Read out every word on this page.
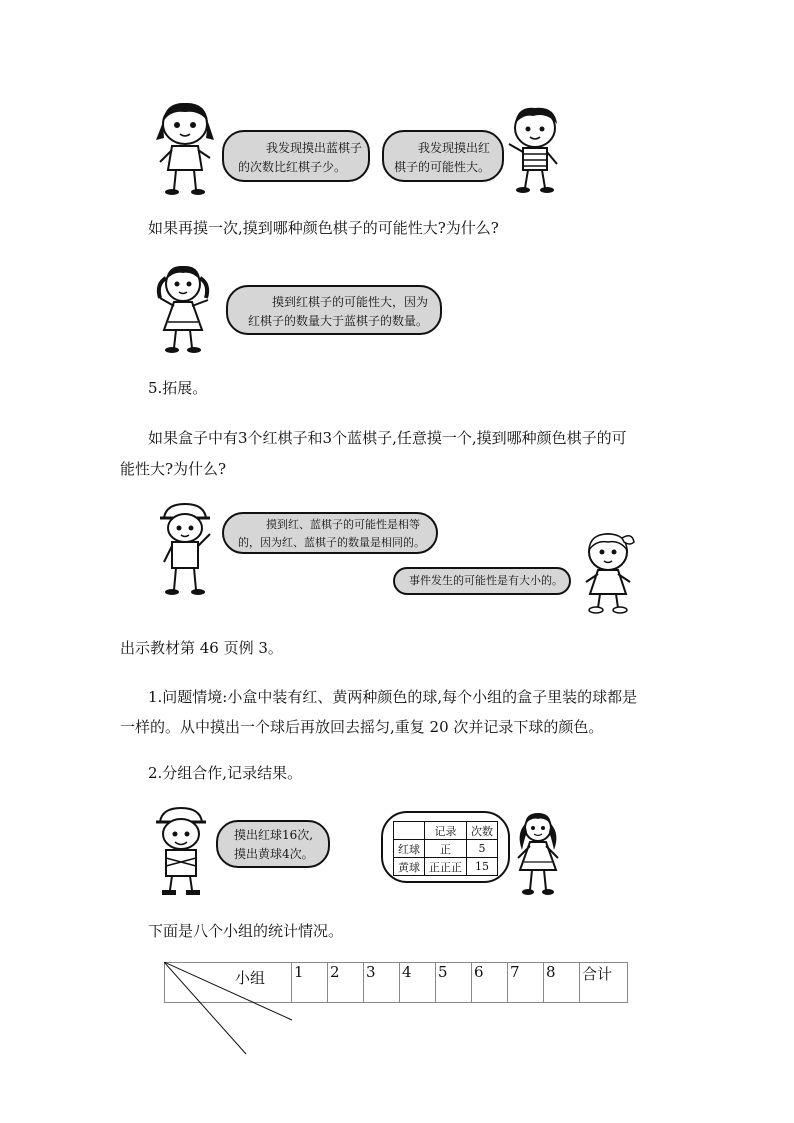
我发现摸出蓝棋子
的次数比红棋子少。
我发现摸出红
棋子的可能性大。
如果再摸一次,摸到哪种颜色棋子的可能性大?为什么?
摸到红棋子的可能性大，因为
红棋子的数量大于蓝棋子的数量。
5.拓展。
如果盒子中有3个红棋子和3个蓝棋子,任意摸一个,摸到哪种颜色棋子的可
能性大?为什么?
摸到红、蓝棋子的可能性是相等
的，因为红、蓝棋子的数量是相同的。
事件发生的可能性是有大小的。
出示教材第 46 页例 3。
1.问题情境:小盒中装有红、黄两种颜色的球,每个小组的盒子里装的球都是
一样的。从中摸出一个球后再放回去摇匀,重复 20 次并记录下球的颜色。
2.分组合作,记录结果。
摸出红球16次,
摸出黄球4次。
	记录	次数
红球	正	5
黄球	正正正	15
下面是八个小组的统计情况。
小组	1	2	3	4	5	6	7	8	合计
